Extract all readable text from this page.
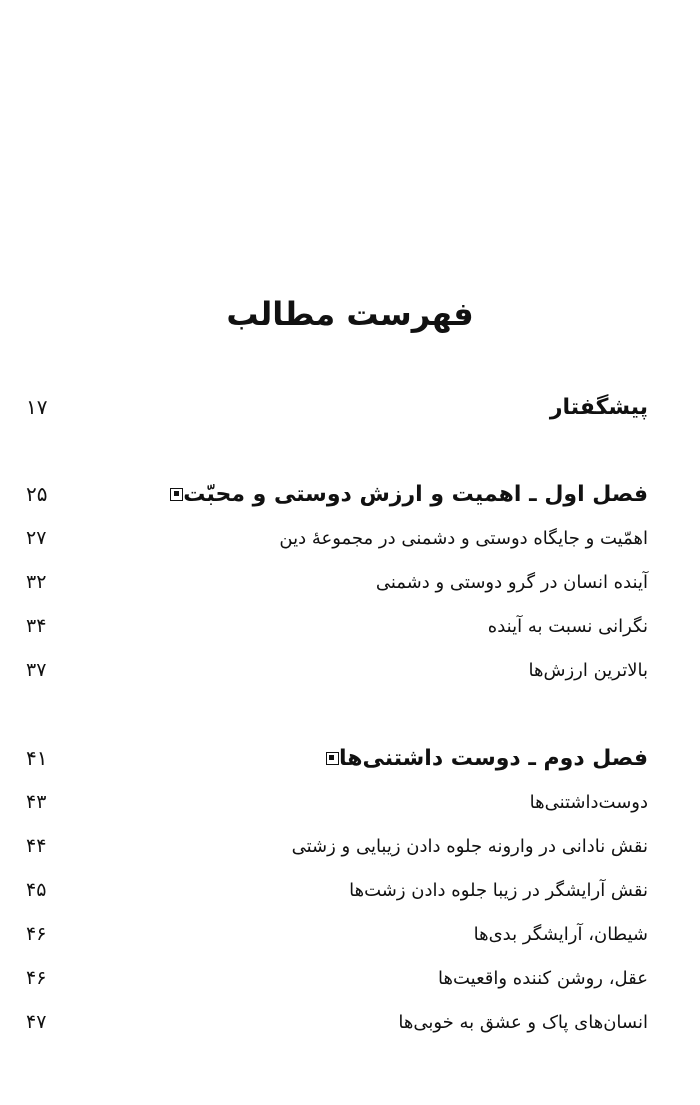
فهرست مطالب
پیشگفتار
۱۷
فصل اول ـ اهمیت و ارزش دوستی و محبّت
۲۵
اهمّیت و جایگاه دوستی و دشمنی در مجموعهٔ دین
۲۷
آینده انسان در گرو دوستی و دشمنی
۳۲
نگرانی نسبت به آینده
۳۴
بالاترین ارزش‌ها
۳۷
فصل دوم ـ دوست داشتنی‌ها
۴۱
دوست‌داشتنی‌ها
۴۳
نقش نادانی در وارونه جلوه دادن زیبایی و زشتی
۴۴
نقش آرایشگر در زیبا جلوه دادن زشت‌ها
۴۵
شیطان، آرایشگر بدی‌ها
۴۶
عقل، روشن کننده واقعیت‌ها
۴۶
انسان‌های پاک و عشق به خوبی‌ها
۴۷
